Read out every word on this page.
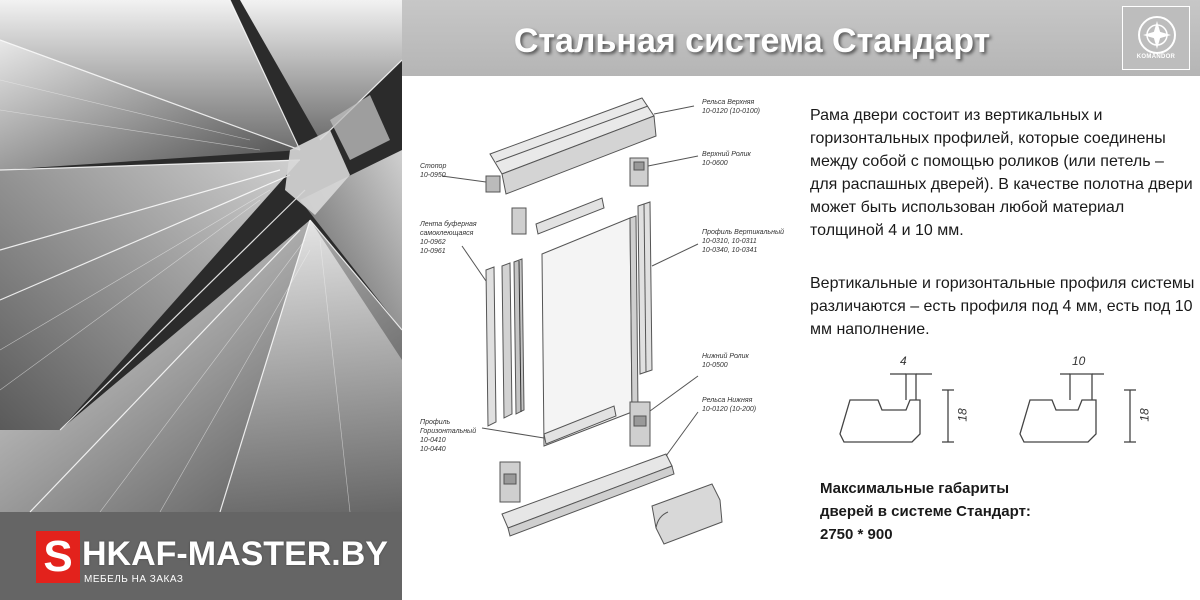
S HKAF-MASTER.BY
МЕБЕЛЬ НА ЗАКАЗ
Стальная система Стандарт	KOMANDOR
Рельса Верхняя
10-0120 (10-0100)
Верхний Ролик
10-0600
Стопор
10-0950
Лента буферная самоклеющаяся
10-0962
10-0961
Профиль Вертикальный
10-0310, 10-0311
10-0340, 10-0341
Нижний Ролик
10-0500
Рельса Нижняя
10-0120 (10-200)
Профиль Горизонтальный
10-0410
10-0440
Рама двери состоит из вертикальных и горизонтальных профилей, которые соединены между собой с помощью роликов (или петель – для распашных дверей). В качестве полотна двери может быть использован любой материал толщиной 4 и 10 мм.
Вертикальные и горизонтальные профиля системы различаются – есть профиля под 4 мм, есть под 10 мм наполнение.
4	10
18	18
Максимальные габариты
дверей в системе Стандарт:
2750 * 900
